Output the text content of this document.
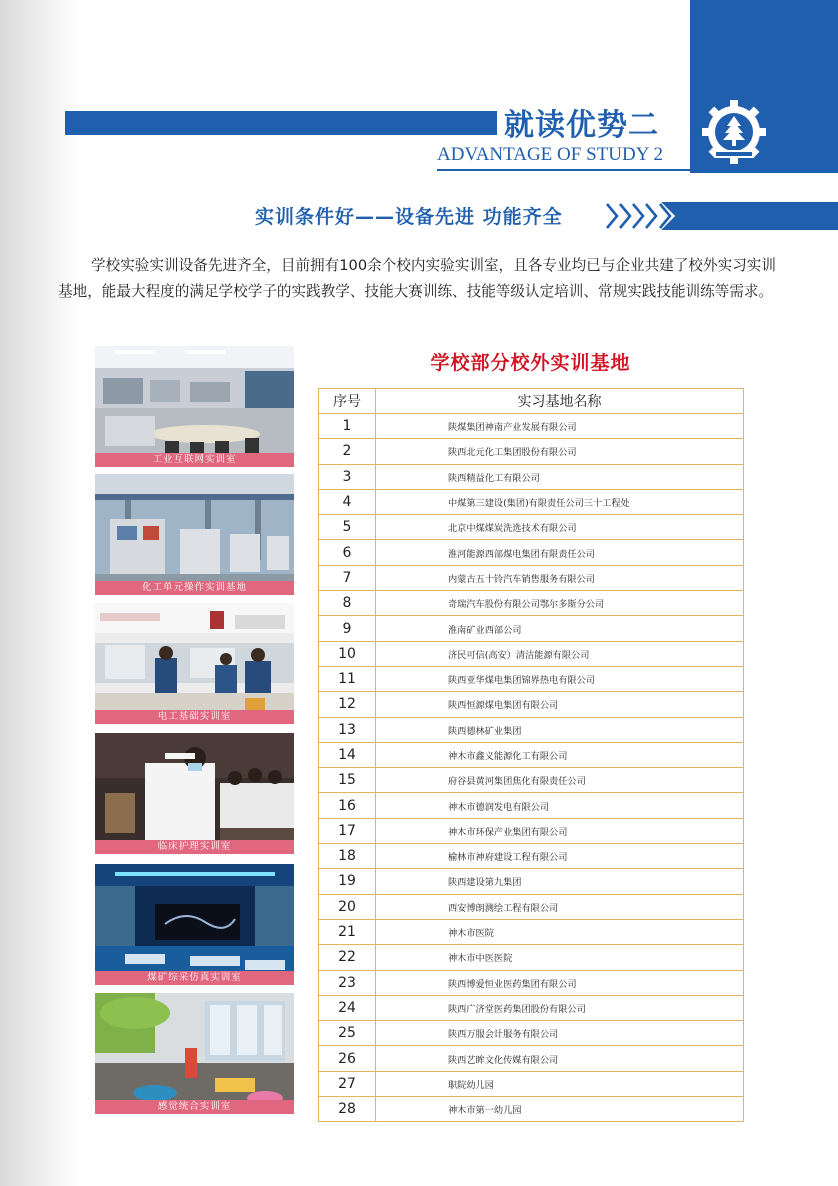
就读优势二
ADVANTAGE OF STUDY 2
实训条件好——设备先进 功能齐全

学校实验实训设备先进齐全，目前拥有100余个校内实验实训室，且各专业均已与企业共建了校外实习实训基地，能最大程度的满足学校学子的实践教学、技能大赛训练、技能等级认定培训、常规实践技能训练等需求。

工业互联网实训室
化工单元操作实训基地
电工基础实训室
临床护理实训室
煤矿综采仿真实训室
感觉统合实训室
学校部分校外实训基地
序号	实习基地名称
1	陕煤集团神南产业发展有限公司
2	陕西北元化工集团股份有限公司
3	陕西精益化工有限公司
4	中煤第三建设(集团)有限责任公司三十工程处
5	北京中煤煤炭洗选技术有限公司
6	淮河能源西部煤电集团有限责任公司
7	内蒙古五十铃汽车销售服务有限公司
8	奇瑞汽车股份有限公司鄂尔多斯分公司
9	淮南矿业西部公司
10	济民可信(高安）清洁能源有限公司
11	陕西亚华煤电集团锦界热电有限公司
12	陕西恒源煤电集团有限公司
13	陕西德林矿业集团
14	神木市鑫义能源化工有限公司
15	府谷县黄河集团焦化有限责任公司
16	神木市德润发电有限公司
17	神木市环保产业集团有限公司
18	榆林市神府建设工程有限公司
19	陕西建设第九集团
20	西安博朗测绘工程有限公司
21	神木市医院
22	神木市中医医院
23	陕西博爱恒业医药集团有限公司
24	陕西广济堂医药集团股份有限公司
25	陕西万服会计服务有限公司
26	陕西艺眸文化传媒有限公司
27	职院幼儿园
28	神木市第一幼儿园
